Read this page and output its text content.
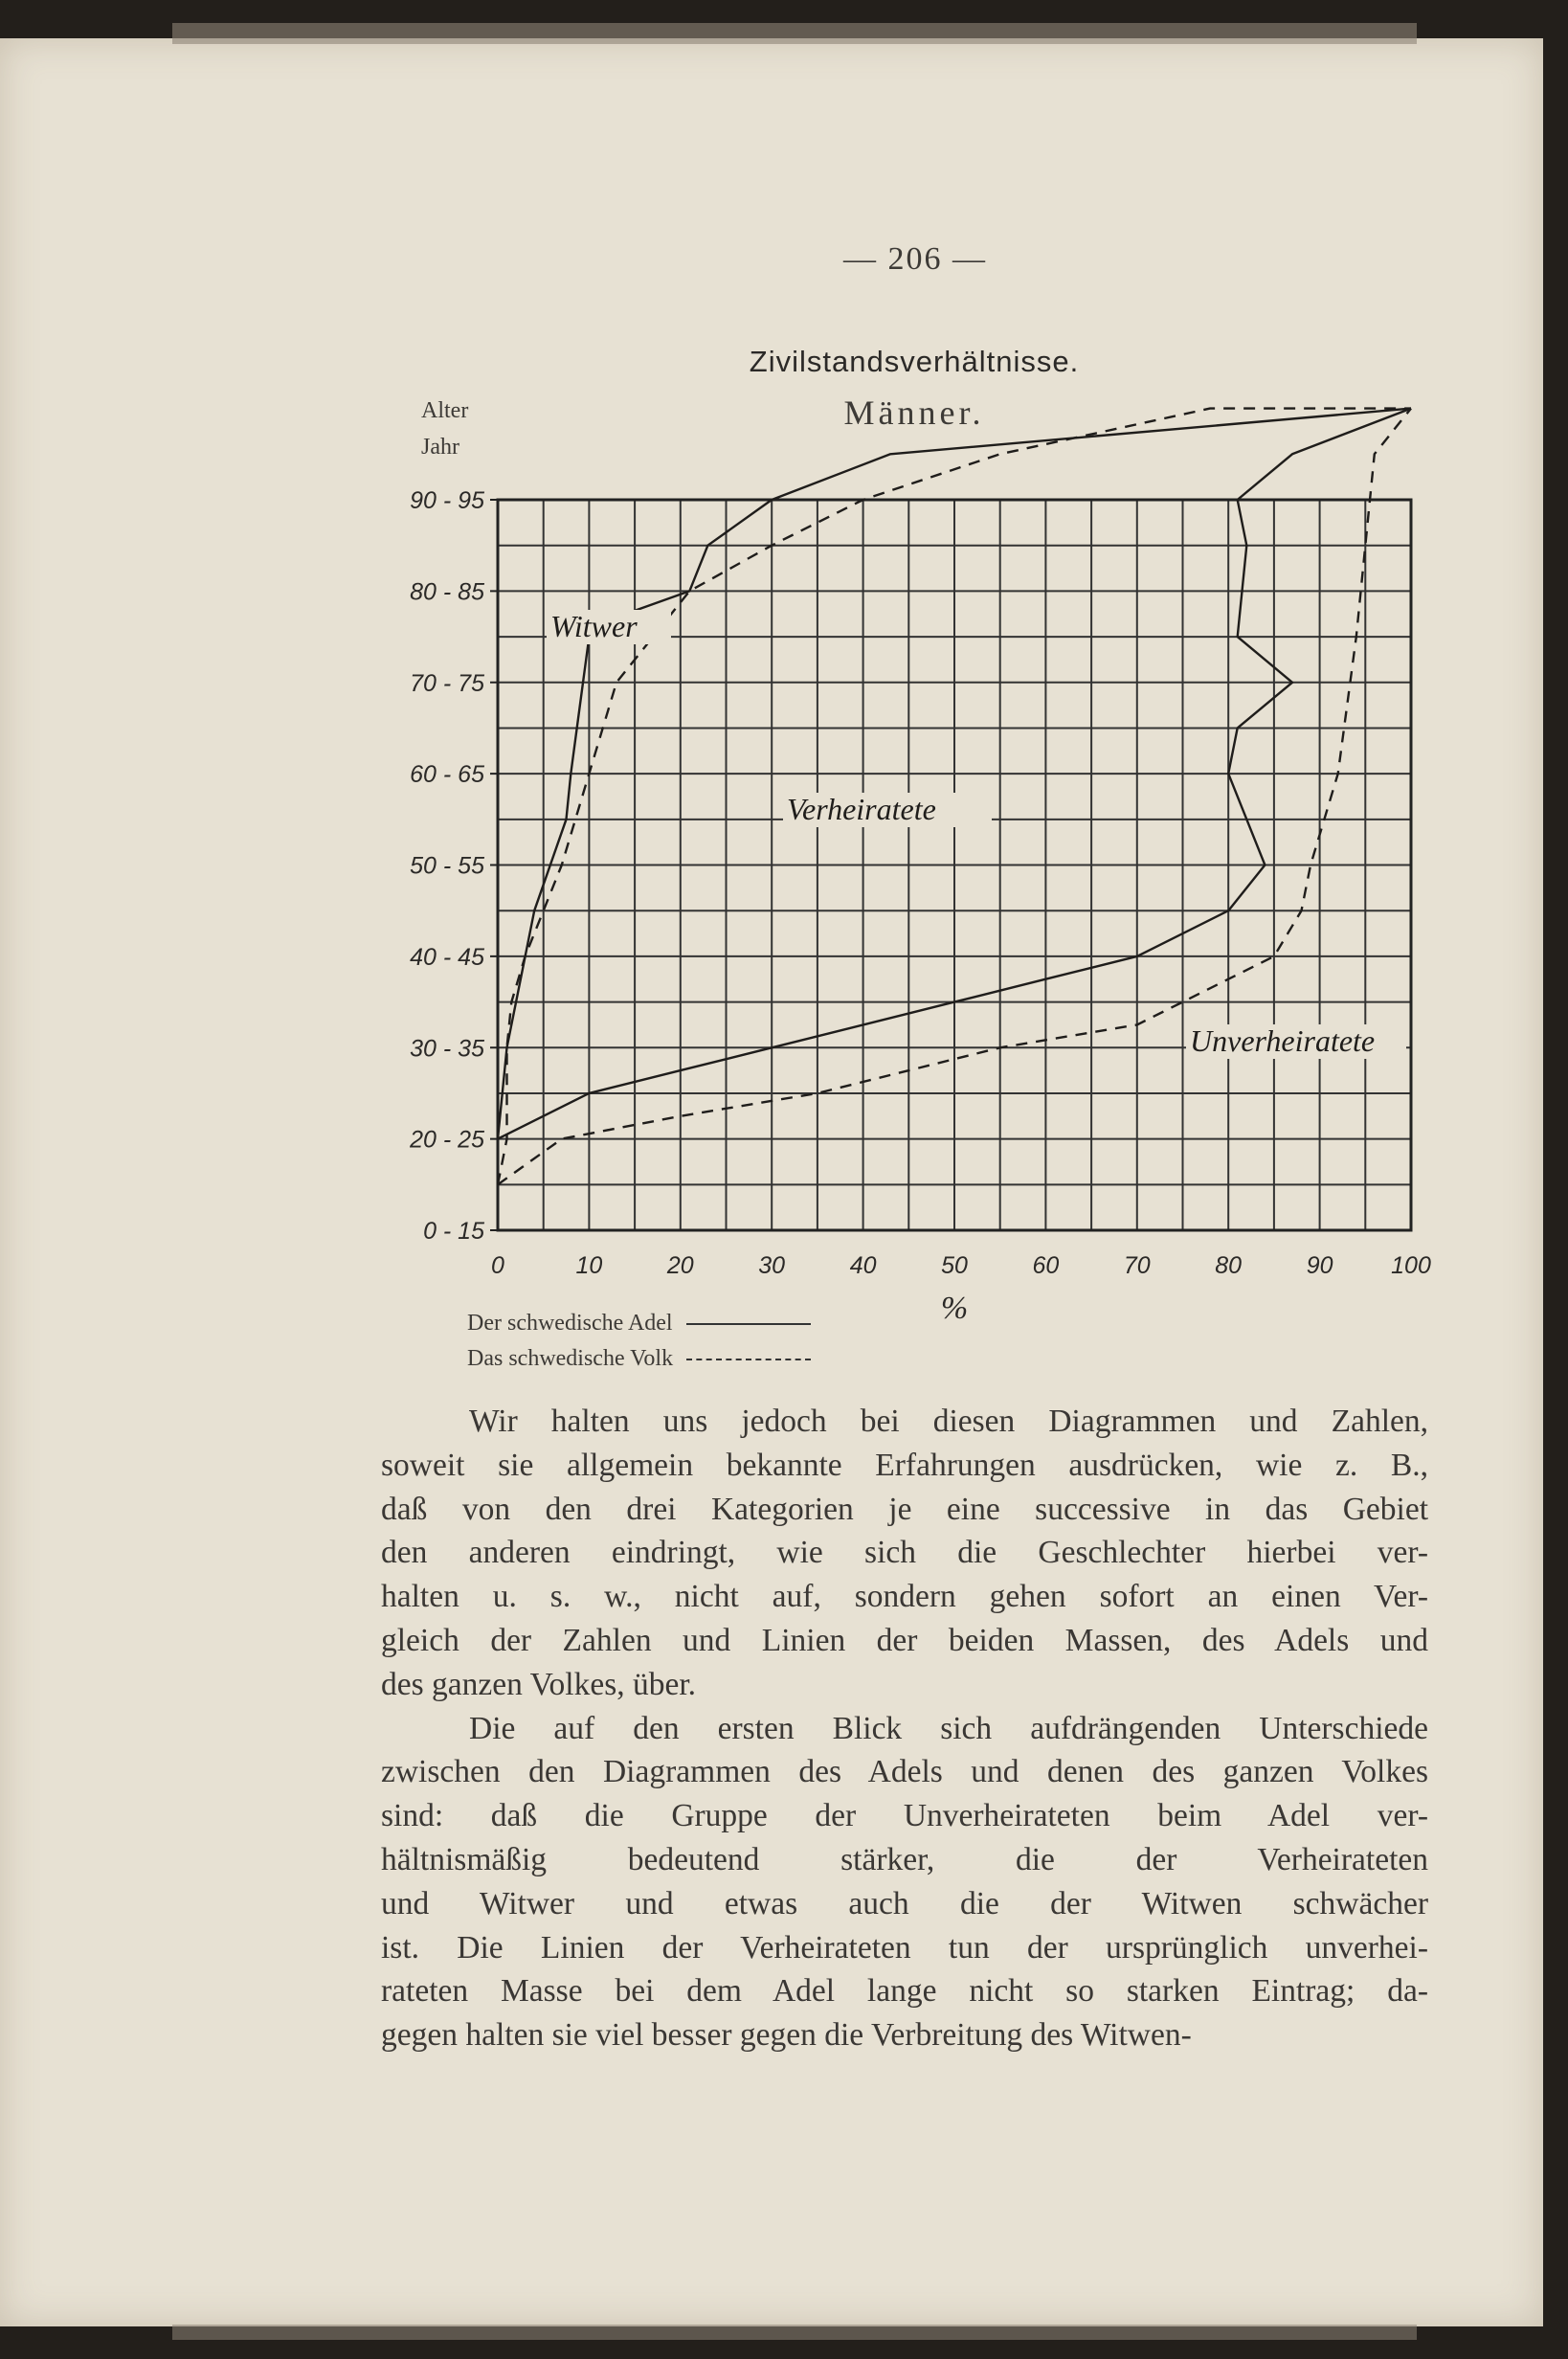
— 206 —
Zivilstandsverhältnisse.
Männer.
Alter
Jahr
0	10	20	30	40	50	60	70	80	90 100
%
0 - 15
20 - 25
30 - 35
40 - 45
50 - 55
60 - 65
70 - 75
80 - 85
90 - 95
Witwer
Verheiratete
Unverheiratete
Der schwedische Adel
Das schwedische Volk

Wir halten uns jedoch bei diesen Diagrammen und Zahlen,
soweit sie allgemein bekannte Erfahrungen ausdrücken, wie z. B.,
daß von den drei Kategorien je eine successive in das Gebiet
den anderen eindringt, wie sich die Geschlechter hierbei ver-
halten u. s. w., nicht auf, sondern gehen sofort an einen Ver-
gleich der Zahlen und Linien der beiden Massen, des Adels und
des ganzen Volkes, über.

Die auf den ersten Blick sich aufdrängenden Unterschiede
zwischen den Diagrammen des Adels und denen des ganzen Volkes
sind: daß die Gruppe der Unverheirateten beim Adel ver-
hältnismäßig bedeutend stärker, die der Verheirateten
und Witwer und etwas auch die der Witwen schwächer
ist. Die Linien der Verheirateten tun der ursprünglich unverhei-
rateten Masse bei dem Adel lange nicht so starken Eintrag; da-
gegen halten sie viel besser gegen die Verbreitung des Witwen-
